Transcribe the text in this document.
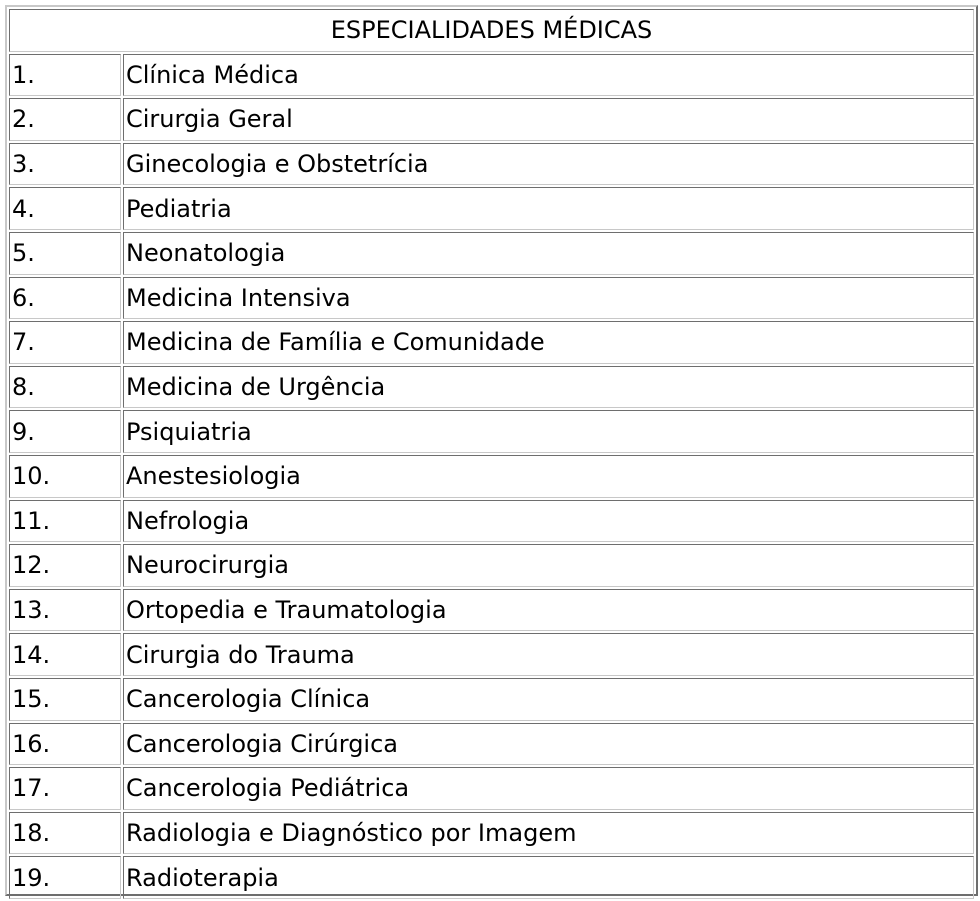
ESPECIALIDADES MÉDICAS	
1.	Clínica Médica
2.	Cirurgia Geral
3.	Ginecologia e Obstetrícia
4.	Pediatria
5.	Neonatologia
6.	Medicina Intensiva
7.	Medicina de Família e Comunidade
8.	Medicina de Urgência
9.	Psiquiatria
10.	Anestesiologia
11.	Nefrologia
12.	Neurocirurgia
13.	Ortopedia e Traumatologia
14.	Cirurgia do Trauma
15.	Cancerologia Clínica
16.	Cancerologia Cirúrgica
17.	Cancerologia Pediátrica
18.	Radiologia e Diagnóstico por Imagem
19.	Radioterapia
